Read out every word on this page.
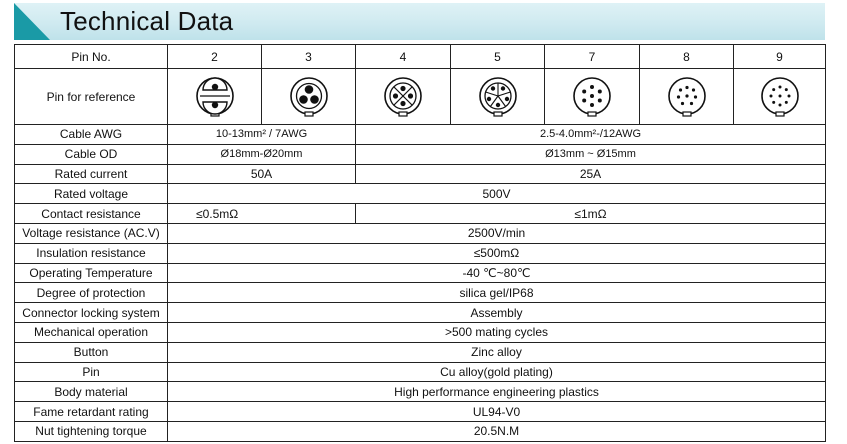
Technical Data
Pin No.	2	3	4	5	7	8	9
Pin for reference	

Cable AWG	10-13mm² / 7AWG		2.5-4.0mm²-/12AWG				
Cable OD	Ø18mm-Ø20mm		Ø13mm ~ Ø15mm				
Rated current	50A		25A				
Rated voltage	500V						
Contact resistance	≤0.5mΩ		≤1mΩ				
Voltage resistance (AC.V)	2500V/min						
Insulation resistance	≤500mΩ						
Operating Temperature	-40 ℃~80℃						
Degree of protection	silica gel/IP68						
Connector locking system	Assembly						
Mechanical operation	>500 mating cycles						
Button	Zinc alloy						
Pin	Cu alloy(gold plating)						
Body material	High performance engineering plastics						
Fame retardant rating	UL94-V0						
Nut tightening torque	20.5N.M						
